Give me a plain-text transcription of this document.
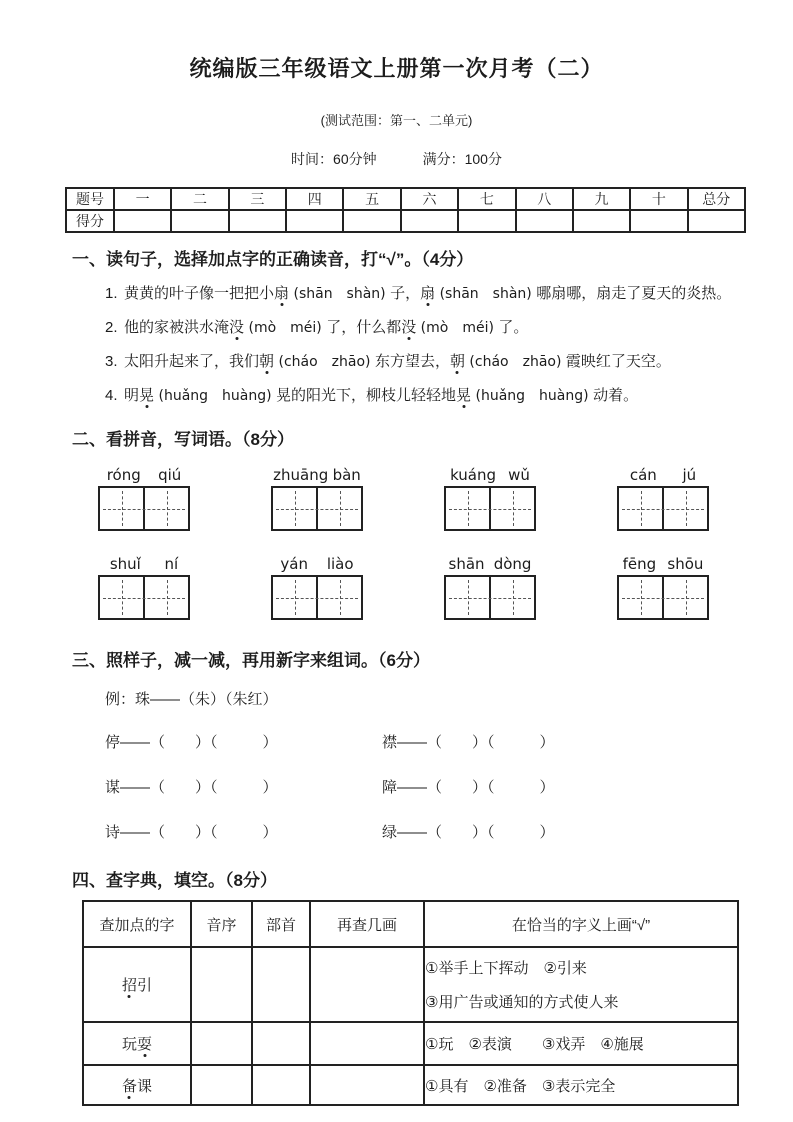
统编版三年级语文上册第一次月考（二）
(测试范围：第一、二单元)
时间：60分钟	满分：100分
题号	一	二	三	四	五	六	七	八	九	十	总分
得分											
一、读句子，选择加点字的正确读音，打“√”。（4分）
1. 黄黄的叶子像一把把小扇 (shān　shàn) 子，扇 (shān　shàn) 哪扇哪，扇走了夏天的炎热。
2. 他的家被洪水淹没 (mò　méi) 了，什么都没 (mò　méi) 了。
3. 太阳升起来了，我们朝 (cháo　zhāo) 东方望去，朝 (cháo　zhāo) 霞映红了天空。
4. 明晃 (huǎng　huàng) 晃的阳光下，柳枝儿轻轻地晃 (huǎng　huàng) 动着。
二、看拼音，写词语。（8分）
róng qiú	zhuāng bàn	kuáng wǔ	cán jú
shuǐ ní	yán liào	shān dòng	fēng shōu
三、照样子，减一减，再用新字来组词。（6分）
例：珠——（朱）（朱红）
停——（　　）（　　　）	襟——（　　）（　　　）
谋——（　　）（　　　）	障——（　　）（　　　）
诗——（　　）（　　　）	绿——（　　）（　　　）
四、查字典，填空。（8分）
查加点的字	音序	部首	再查几画	在恰当的字义上画“√”
招引				①举手上下挥动　②引来
③用广告或通知的方式使人来

玩耍				①玩　②表演　　③戏弄　④施展

备课				①具有　②准备　③表示完全
